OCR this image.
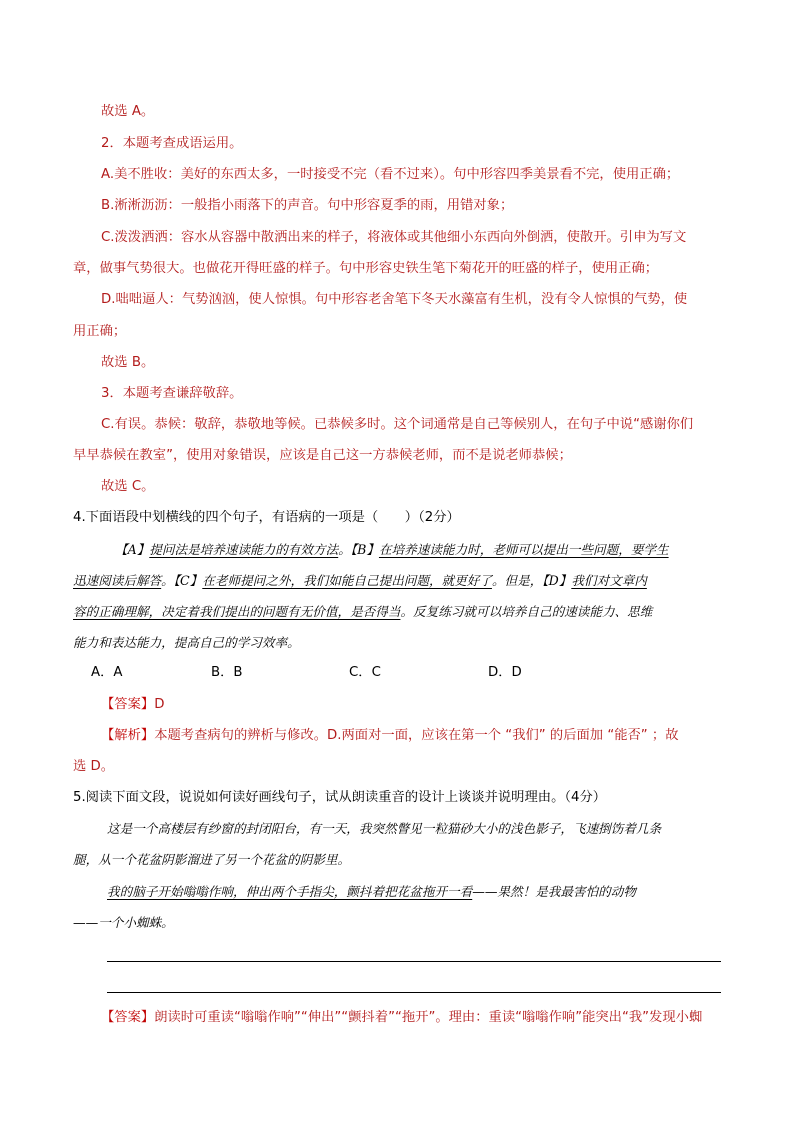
故选 A。
2．本题考查成语运用。
A.美不胜收：美好的东西太多，一时接受不完（看不过来）。句中形容四季美景看不完，使用正确；
B.淅淅沥沥：一般指小雨落下的声音。句中形容夏季的雨，用错对象；
C.泼泼洒洒：容水从容器中散洒出来的样子，将液体或其他细小东西向外倒洒，使散开。引申为写文
章，做事气势很大。也做花开得旺盛的样子。句中形容史铁生笔下菊花开的旺盛的样子，使用正确；
D.咄咄逼人：气势汹汹，使人惊惧。句中形容老舍笔下冬天水藻富有生机，没有令人惊惧的气势，使
用正确；
故选 B。
3．本题考查谦辞敬辞。
C.有误。恭候：敬辞，恭敬地等候。已恭候多时。这个词通常是自己等候别人，在句子中说“感谢你们
早早恭候在教室”，使用对象错误，应该是自己这一方恭候老师，而不是说老师恭候；
故选 C。
4.下面语段中划横线的四个句子，有语病的一项是（　　）（2分）
【A】提问法是培养速读能力的有效方法。【B】在培养速读能力时，老师可以提出一些问题，要学生
迅速阅读后解答。【C】在老师提问之外，我们如能自己提出问题，就更好了。但是，【D】我们对文章内
容的正确理解，决定着我们提出的问题有无价值，是否得当。反复练习就可以培养自己的速读能力、思维
能力和表达能力，提高自己的学习效率。
A．A	B．B	C．C	D．D
【答案】D
【解析】本题考查病句的辨析与修改。D.两面对一面，应该在第一个 “我们” 的后面加 “能否” ；故
选 D。
5.阅读下面文段，说说如何读好画线句子，试从朗读重音的设计上谈谈并说明理由。（4分）
这是一个高楼层有纱窗的封闭阳台，有一天，我突然瞥见一粒猫砂大小的浅色影子，飞速捯饬着几条
腿，从一个花盆阴影溜进了另一个花盆的阴影里。
我的脑子开始嗡嗡作响，伸出两个手指尖，颤抖着把花盆拖开一看——果然！是我最害怕的动物
——一个小蜘蛛。
【答案】朗读时可重读“嗡嗡作响”“伸出”“颤抖着”“拖开”。理由：重读“嗡嗡作响”能突出“我”发现小蜘
